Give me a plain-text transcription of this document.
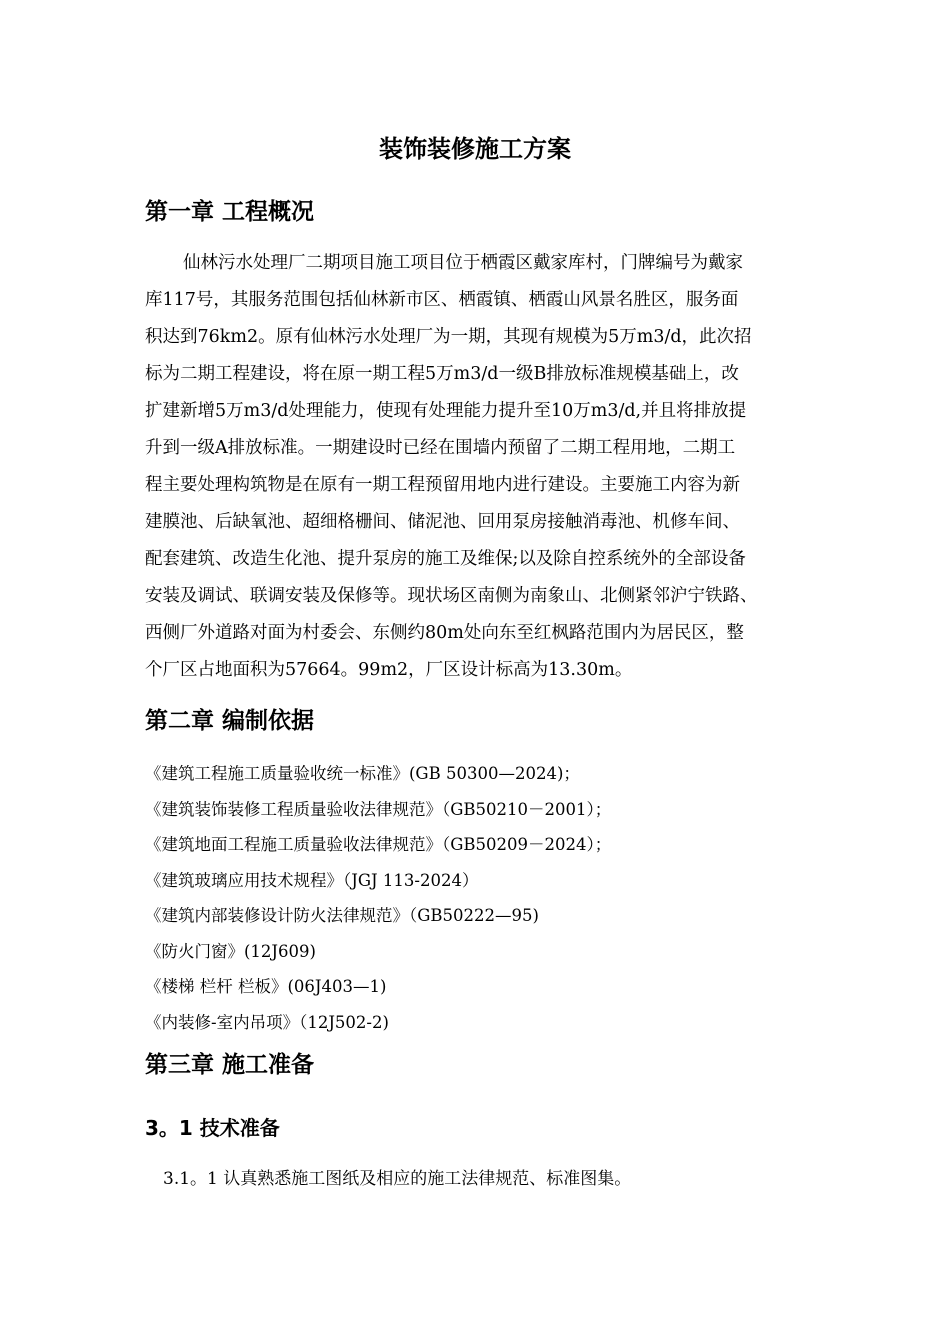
装饰装修施工方案
第一章 工程概况
仙林污水处理厂二期项目施工项目位于栖霞区戴家库村，门牌编号为戴家
库117号，其服务范围包括仙林新市区、栖霞镇、栖霞山风景名胜区，服务面
积达到76km2。原有仙林污水处理厂为一期，其现有规模为5万m3/d，此次招
标为二期工程建设，将在原一期工程5万m3/d一级B排放标准规模基础上，改
扩建新增5万m3/d处理能力，使现有处理能力提升至10万m3/d,并且将排放提
升到一级A排放标准。一期建设时已经在围墙内预留了二期工程用地，二期工
程主要处理构筑物是在原有一期工程预留用地内进行建设。主要施工内容为新
建膜池、后缺氧池、超细格栅间、储泥池、回用泵房接触消毒池、机修车间、
配套建筑、改造生化池、提升泵房的施工及维保;以及除自控系统外的全部设备
安装及调试、联调安装及保修等。现状场区南侧为南象山、北侧紧邻沪宁铁路、
西侧厂外道路对面为村委会、东侧约80m处向东至红枫路范围内为居民区，整
个厂区占地面积为57664。99m2，厂区设计标高为13.30m。
第二章 编制依据
《建筑工程施工质量验收统一标准》(GB 50300—2024)；
《建筑装饰装修工程质量验收法律规范》（GB50210－2001）；
《建筑地面工程施工质量验收法律规范》（GB50209－2024）；
《建筑玻璃应用技术规程》（JGJ 113-2024）
《建筑内部装修设计防火法律规范》（GB50222—95)
《防火门窗》(12J609)
《楼梯 栏杆 栏板》(06J403—1)
《内装修-室内吊项》（12J502-2)
第三章 施工准备
3。1 技术准备
3.1。1 认真熟悉施工图纸及相应的施工法律规范、标准图集。
